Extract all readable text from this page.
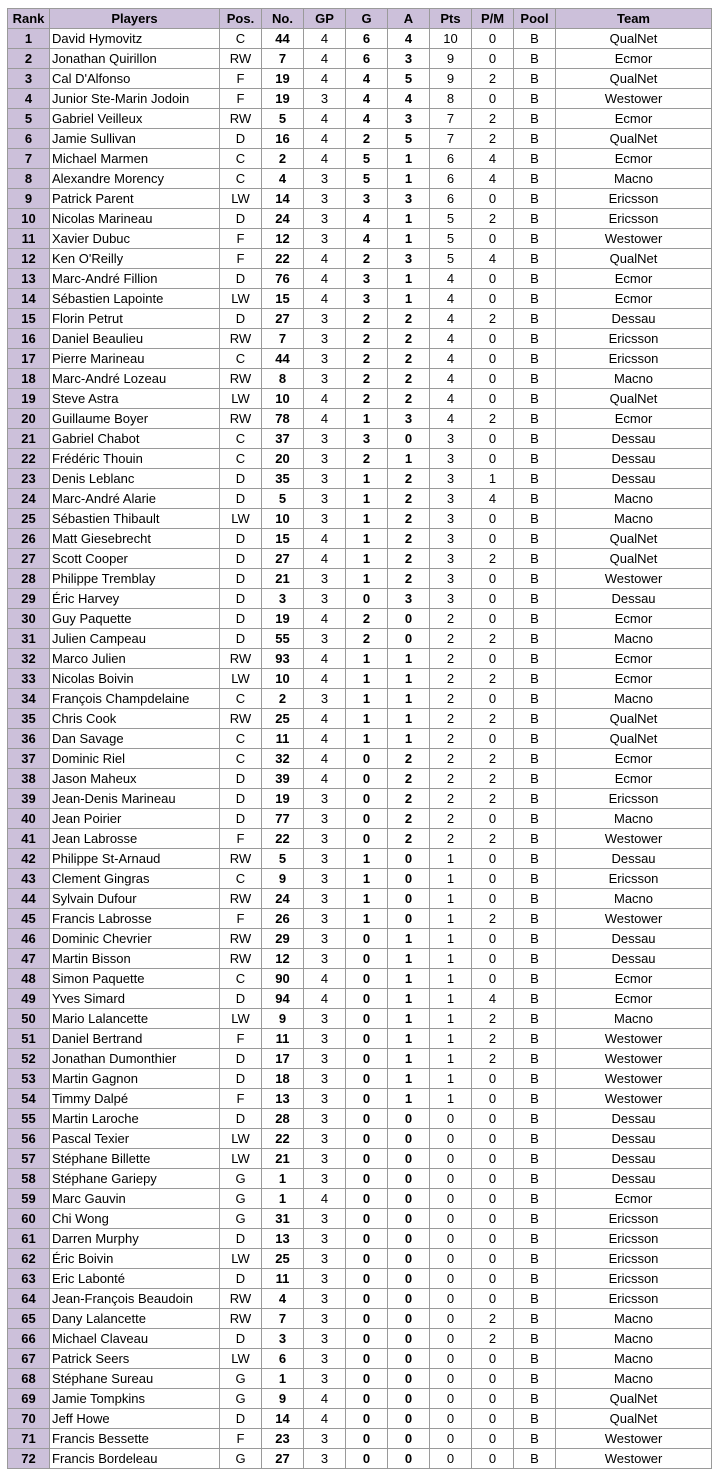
Rank	Players	Pos.	No.	GP	G	A	Pts	P/M	Pool	Team
1	David Hymovitz	C	44	4	6	4	10	0	B	QualNet
2	Jonathan Quirillon	RW	7	4	6	3	9	0	B	Ecmor
3	Cal D'Alfonso	F	19	4	4	5	9	2	B	QualNet
4	Junior Ste-Marin Jodoin	F	19	3	4	4	8	0	B	Westower
5	Gabriel Veilleux	RW	5	4	4	3	7	2	B	Ecmor
6	Jamie Sullivan	D	16	4	2	5	7	2	B	QualNet
7	Michael Marmen	C	2	4	5	1	6	4	B	Ecmor
8	Alexandre Morency	C	4	3	5	1	6	4	B	Macno
9	Patrick Parent	LW	14	3	3	3	6	0	B	Ericsson
10	Nicolas Marineau	D	24	3	4	1	5	2	B	Ericsson
11	Xavier Dubuc	F	12	3	4	1	5	0	B	Westower
12	Ken O'Reilly	F	22	4	2	3	5	4	B	QualNet
13	Marc-André Fillion	D	76	4	3	1	4	0	B	Ecmor
14	Sébastien Lapointe	LW	15	4	3	1	4	0	B	Ecmor
15	Florin Petrut	D	27	3	2	2	4	2	B	Dessau
16	Daniel Beaulieu	RW	7	3	2	2	4	0	B	Ericsson
17	Pierre Marineau	C	44	3	2	2	4	0	B	Ericsson
18	Marc-André Lozeau	RW	8	3	2	2	4	0	B	Macno
19	Steve Astra	LW	10	4	2	2	4	0	B	QualNet
20	Guillaume Boyer	RW	78	4	1	3	4	2	B	Ecmor
21	Gabriel Chabot	C	37	3	3	0	3	0	B	Dessau
22	Frédéric Thouin	C	20	3	2	1	3	0	B	Dessau
23	Denis Leblanc	D	35	3	1	2	3	1	B	Dessau
24	Marc-André Alarie	D	5	3	1	2	3	4	B	Macno
25	Sébastien Thibault	LW	10	3	1	2	3	0	B	Macno
26	Matt Giesebrecht	D	15	4	1	2	3	0	B	QualNet
27	Scott Cooper	D	27	4	1	2	3	2	B	QualNet
28	Philippe Tremblay	D	21	3	1	2	3	0	B	Westower
29	Éric Harvey	D	3	3	0	3	3	0	B	Dessau
30	Guy Paquette	D	19	4	2	0	2	0	B	Ecmor
31	Julien Campeau	D	55	3	2	0	2	2	B	Macno
32	Marco Julien	RW	93	4	1	1	2	0	B	Ecmor
33	Nicolas Boivin	LW	10	4	1	1	2	2	B	Ecmor
34	François Champdelaine	C	2	3	1	1	2	0	B	Macno
35	Chris Cook	RW	25	4	1	1	2	2	B	QualNet
36	Dan Savage	C	11	4	1	1	2	0	B	QualNet
37	Dominic Riel	C	32	4	0	2	2	2	B	Ecmor
38	Jason Maheux	D	39	4	0	2	2	2	B	Ecmor
39	Jean-Denis Marineau	D	19	3	0	2	2	2	B	Ericsson
40	Jean Poirier	D	77	3	0	2	2	0	B	Macno
41	Jean Labrosse	F	22	3	0	2	2	2	B	Westower
42	Philippe St-Arnaud	RW	5	3	1	0	1	0	B	Dessau
43	Clement Gingras	C	9	3	1	0	1	0	B	Ericsson
44	Sylvain Dufour	RW	24	3	1	0	1	0	B	Macno
45	Francis Labrosse	F	26	3	1	0	1	2	B	Westower
46	Dominic Chevrier	RW	29	3	0	1	1	0	B	Dessau
47	Martin Bisson	RW	12	3	0	1	1	0	B	Dessau
48	Simon Paquette	C	90	4	0	1	1	0	B	Ecmor
49	Yves Simard	D	94	4	0	1	1	4	B	Ecmor
50	Mario Lalancette	LW	9	3	0	1	1	2	B	Macno
51	Daniel Bertrand	F	11	3	0	1	1	2	B	Westower
52	Jonathan Dumonthier	D	17	3	0	1	1	2	B	Westower
53	Martin Gagnon	D	18	3	0	1	1	0	B	Westower
54	Timmy Dalpé	F	13	3	0	1	1	0	B	Westower
55	Martin Laroche	D	28	3	0	0	0	0	B	Dessau
56	Pascal Texier	LW	22	3	0	0	0	0	B	Dessau
57	Stéphane Billette	LW	21	3	0	0	0	0	B	Dessau
58	Stéphane Gariepy	G	1	3	0	0	0	0	B	Dessau
59	Marc Gauvin	G	1	4	0	0	0	0	B	Ecmor
60	Chi Wong	G	31	3	0	0	0	0	B	Ericsson
61	Darren Murphy	D	13	3	0	0	0	0	B	Ericsson
62	Éric Boivin	LW	25	3	0	0	0	0	B	Ericsson
63	Eric Labonté	D	11	3	0	0	0	0	B	Ericsson
64	Jean-François Beaudoin	RW	4	3	0	0	0	0	B	Ericsson
65	Dany Lalancette	RW	7	3	0	0	0	2	B	Macno
66	Michael Claveau	D	3	3	0	0	0	2	B	Macno
67	Patrick Seers	LW	6	3	0	0	0	0	B	Macno
68	Stéphane Sureau	G	1	3	0	0	0	0	B	Macno
69	Jamie Tompkins	G	9	4	0	0	0	0	B	QualNet
70	Jeff Howe	D	14	4	0	0	0	0	B	QualNet
71	Francis Bessette	F	23	3	0	0	0	0	B	Westower
72	Francis Bordeleau	G	27	3	0	0	0	0	B	Westower
